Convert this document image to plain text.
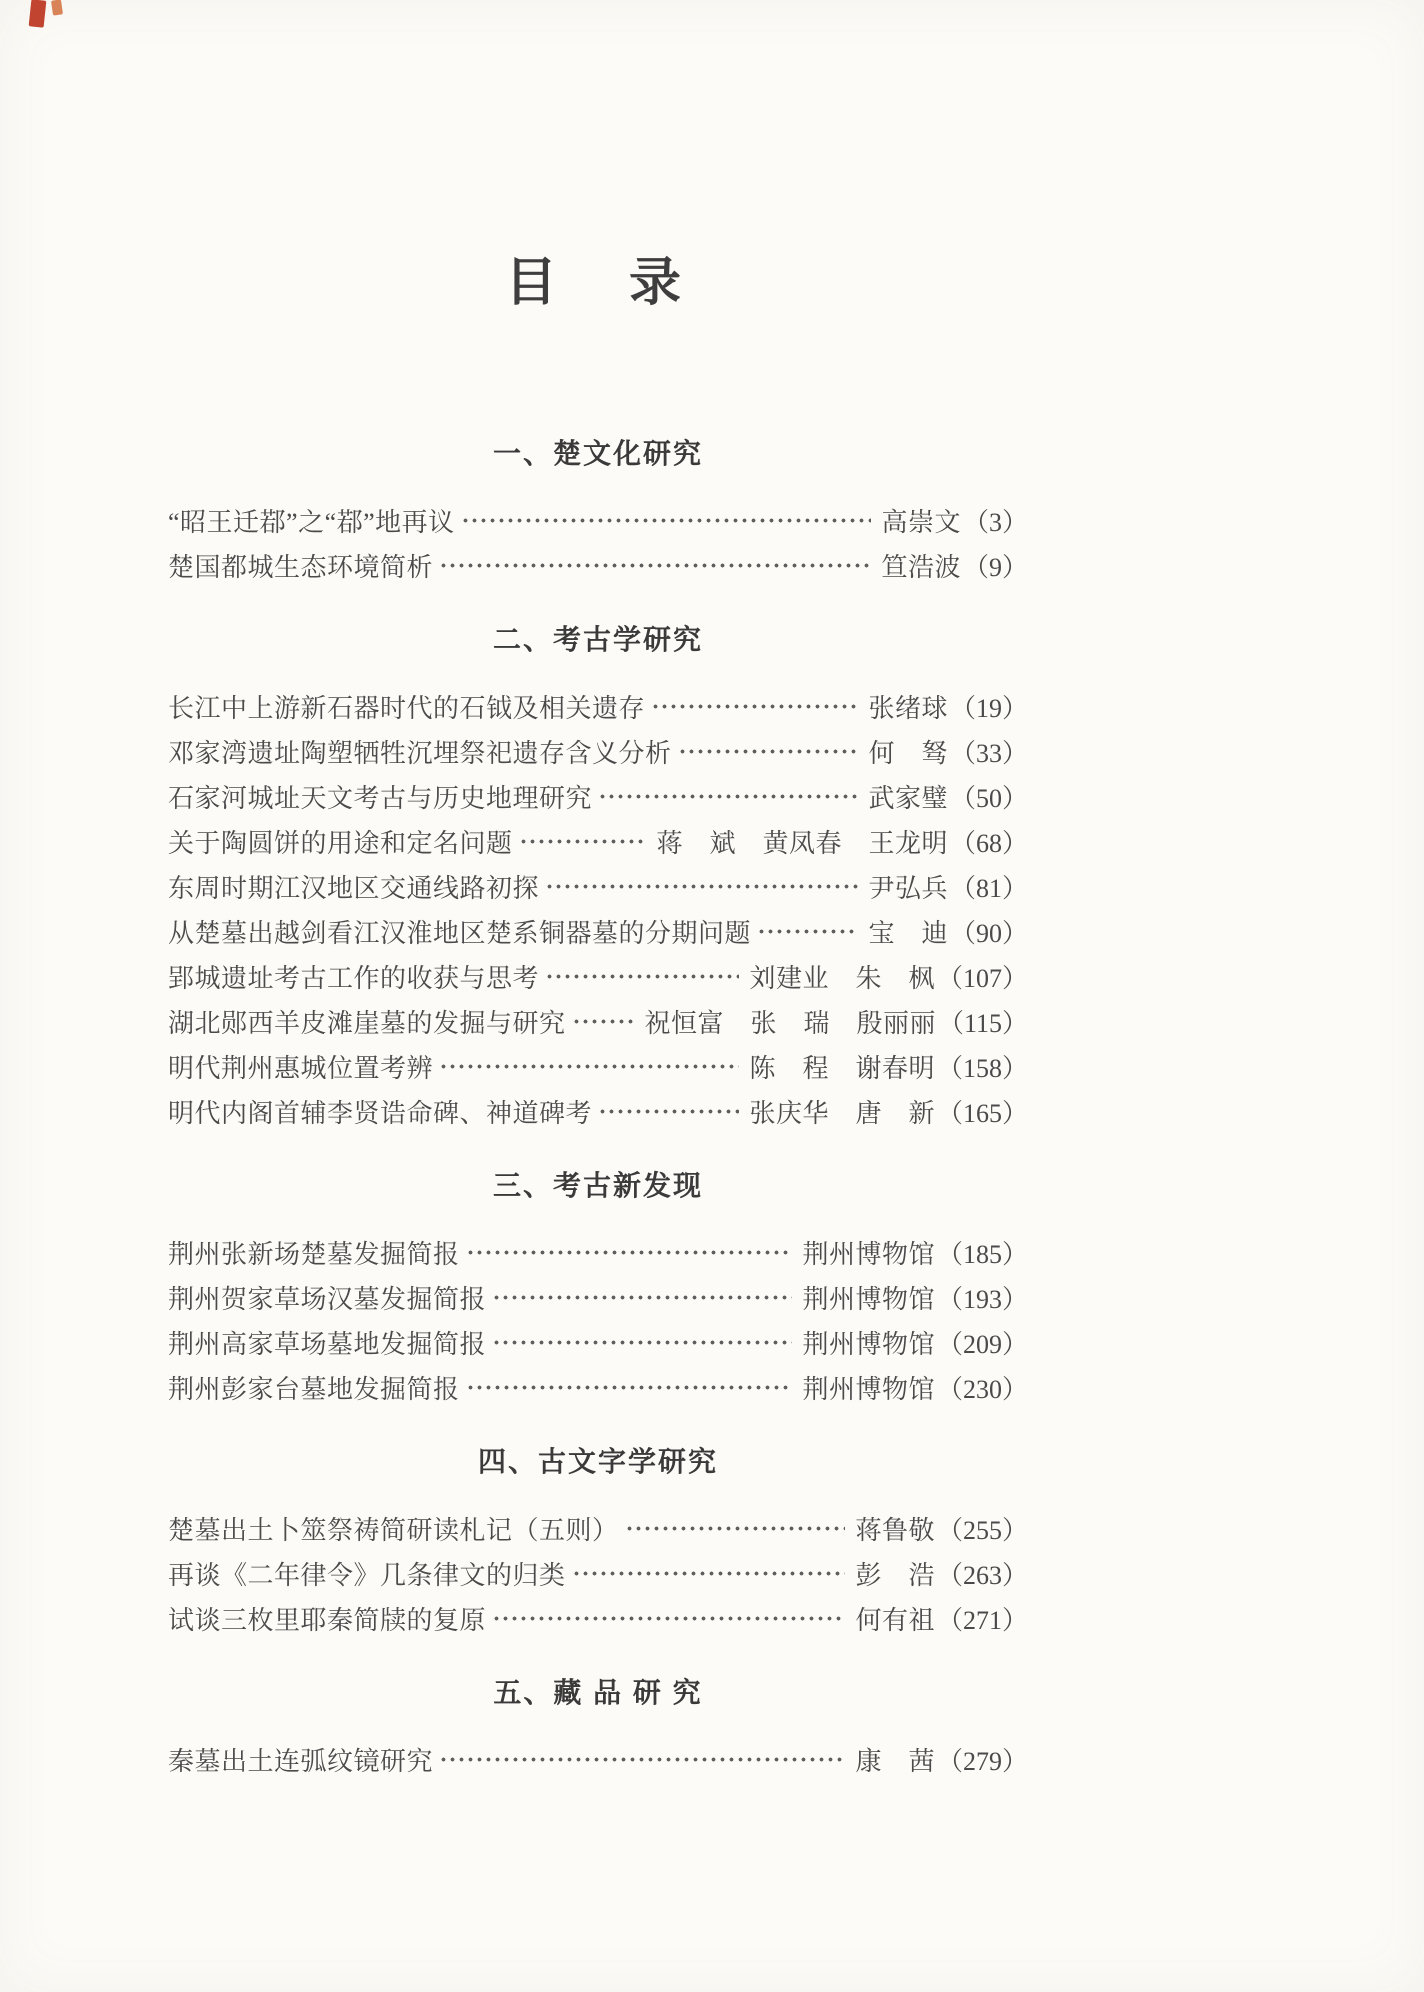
目　录
一、楚文化研究
“昭王迁鄀”之“鄀”地再议	高崇文 （3）
楚国都城生态环境简析	笪浩波 （9）
二、考古学研究
长江中上游新石器时代的石钺及相关遗存	张绪球 （19）
邓家湾遗址陶塑牺牲沉埋祭祀遗存含义分析	何　驽 （33）
石家河城址天文考古与历史地理研究	武家璧 （50）
关于陶圆饼的用途和定名问题	蒋　斌　黄凤春　王龙明 （68）
东周时期江汉地区交通线路初探	尹弘兵 （81）
从楚墓出越剑看江汉淮地区楚系铜器墓的分期问题	宝　迪 （90）
郢城遗址考古工作的收获与思考	刘建业　朱　枫 （107）
湖北郧西羊皮滩崖墓的发掘与研究	祝恒富　张　瑞　殷丽丽 （115）
明代荆州惠城位置考辨	陈　程　谢春明 （158）
明代内阁首辅李贤诰命碑、神道碑考	张庆华　唐　新 （165）
三、考古新发现
荆州张新场楚墓发掘简报	荆州博物馆 （185）
荆州贺家草场汉墓发掘简报	荆州博物馆 （193）
荆州高家草场墓地发掘简报	荆州博物馆 （209）
荆州彭家台墓地发掘简报	荆州博物馆 （230）
四、古文字学研究
楚墓出土卜筮祭祷简研读札记（五则）	蒋鲁敬 （255）
再谈《二年律令》几条律文的归类	彭　浩 （263）
试谈三枚里耶秦简牍的复原	何有祖 （271）
五、藏 品 研 究
秦墓出土连弧纹镜研究	康　茜 （279）
